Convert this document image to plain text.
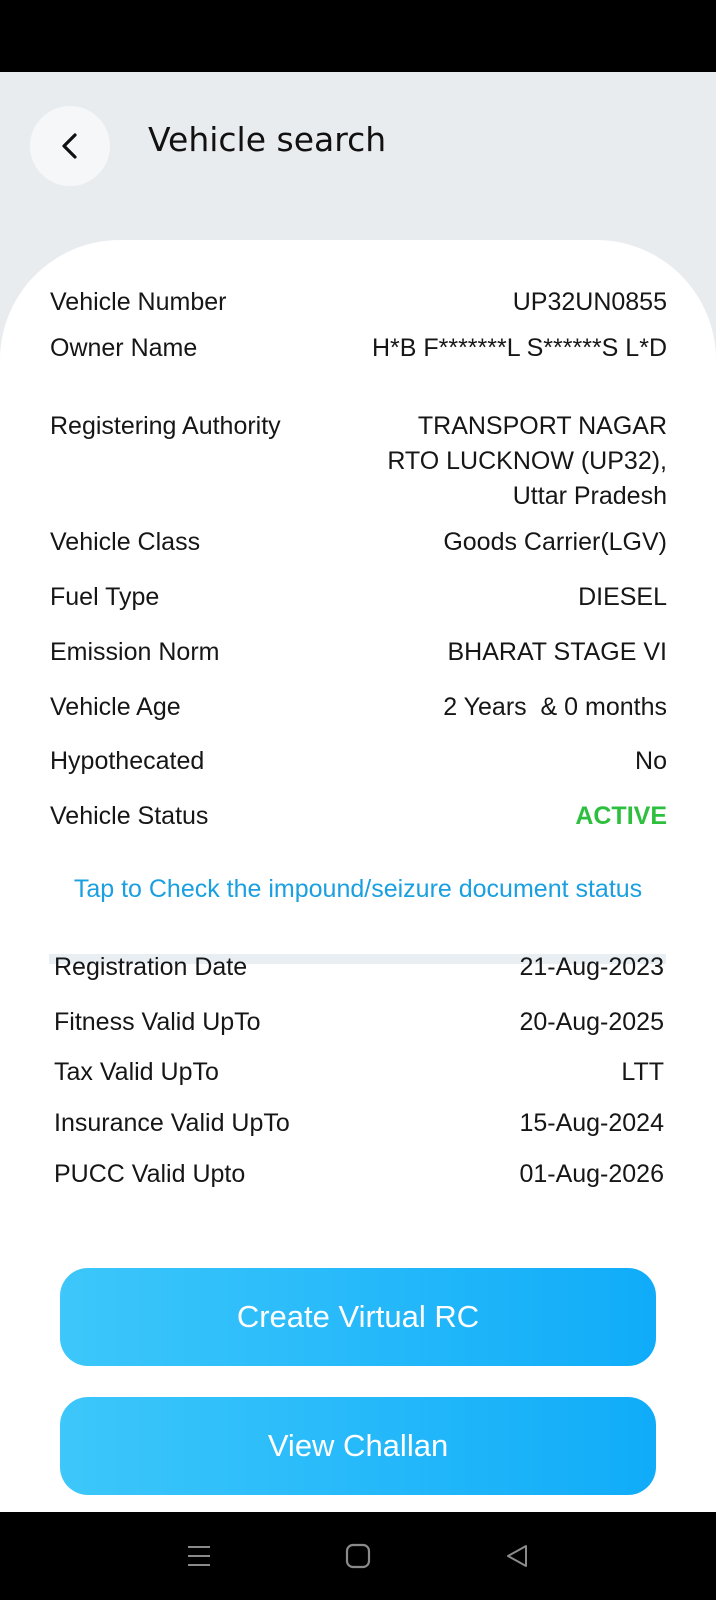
Vehicle search
Vehicle Number	UP32UN0855
Owner Name	H*B F*******L S******S L*D
Registering Authority	TRANSPORT NAGAR RTO LUCKNOW (UP32), Uttar Pradesh
Vehicle Class	Goods Carrier(LGV)
Fuel Type	DIESEL
Emission Norm	BHARAT STAGE VI
Vehicle Age	2 Years  & 0 months
Hypothecated	No
Vehicle Status	ACTIVE
Tap to Check the impound/seizure document status
Registration Date	21-Aug-2023
Fitness Valid UpTo	20-Aug-2025
Tax Valid UpTo	LTT
Insurance Valid UpTo	15-Aug-2024
PUCC Valid Upto	01-Aug-2026
Create Virtual RC
View Challan
